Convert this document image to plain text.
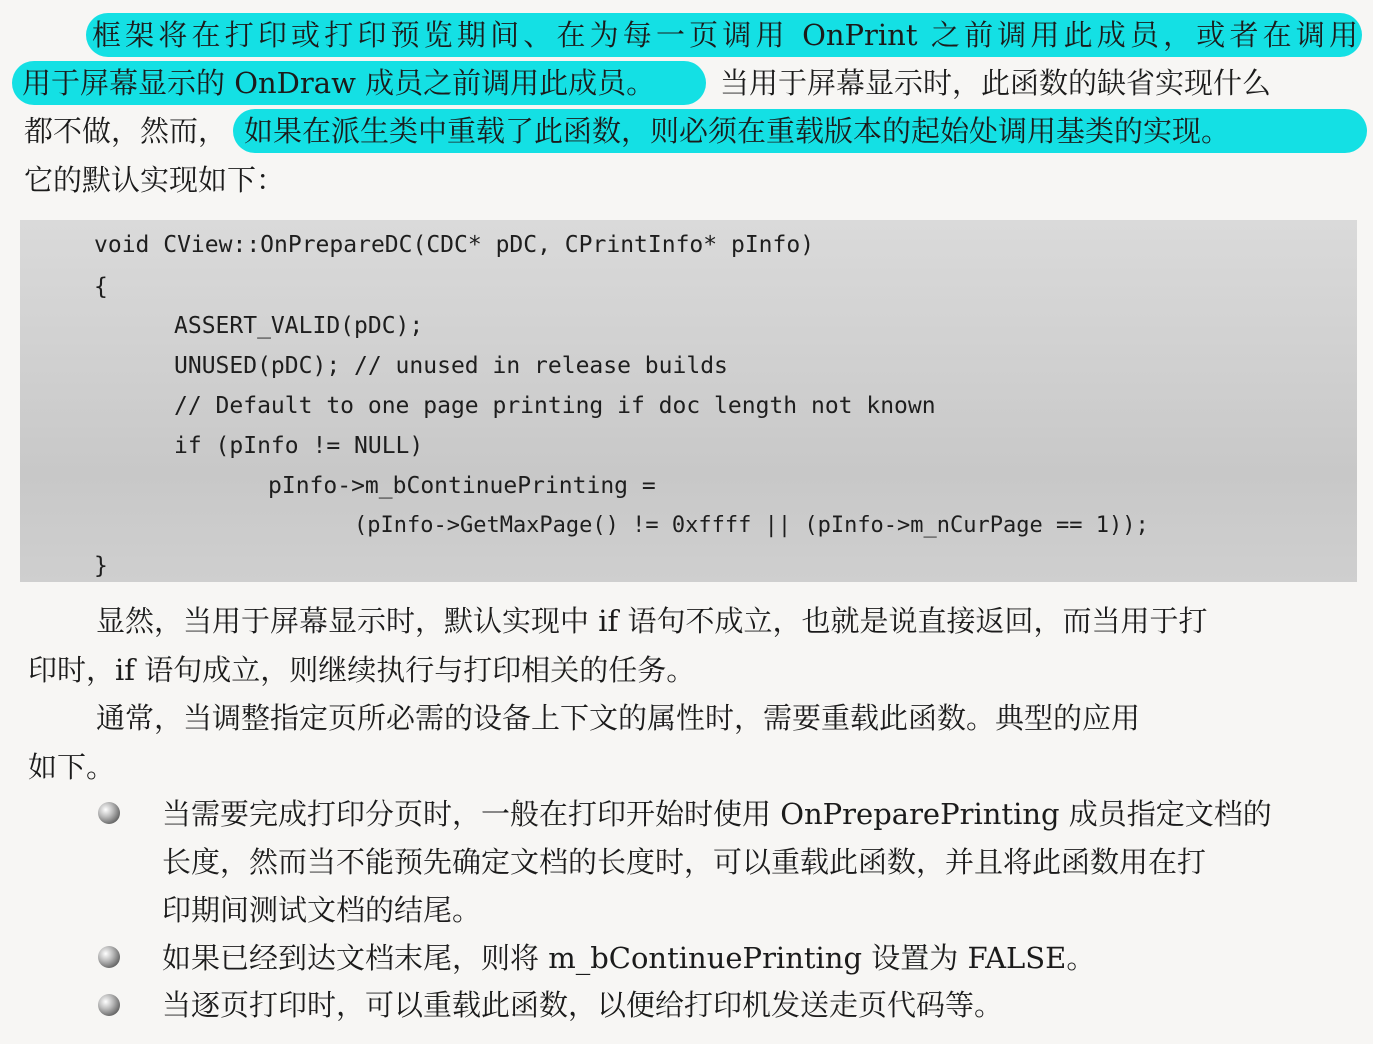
框架将在打印或打印预览期间、在为每一页调用 OnPrint 之前调用此成员，或者在调用
用于屏幕显示的 OnDraw 成员之前调用此成员。 当用于屏幕显示时，此函数的缺省实现什么
都不做，然而， 如果在派生类中重载了此函数，则必须在重载版本的起始处调用基类的实现。
它的默认实现如下：
void CView::OnPrepareDC(CDC* pDC, CPrintInfo* pInfo)
{
ASSERT_VALID(pDC);
UNUSED(pDC); // unused in release builds
// Default to one page printing if doc length not known
if (pInfo != NULL)
pInfo->m_bContinuePrinting =
(pInfo->GetMaxPage() != 0xffff || (pInfo->m_nCurPage == 1));
}
显然，当用于屏幕显示时，默认实现中 if 语句不成立，也就是说直接返回，而当用于打
印时，if 语句成立，则继续执行与打印相关的任务。
通常，当调整指定页所必需的设备上下文的属性时，需要重载此函数。典型的应用
如下。
当需要完成打印分页时，一般在打印开始时使用 OnPreparePrinting 成员指定文档的
长度，然而当不能预先确定文档的长度时，可以重载此函数，并且将此函数用在打
印期间测试文档的结尾。
如果已经到达文档末尾，则将 m_bContinuePrinting 设置为 FALSE。
当逐页打印时，可以重载此函数，以便给打印机发送走页代码等。
